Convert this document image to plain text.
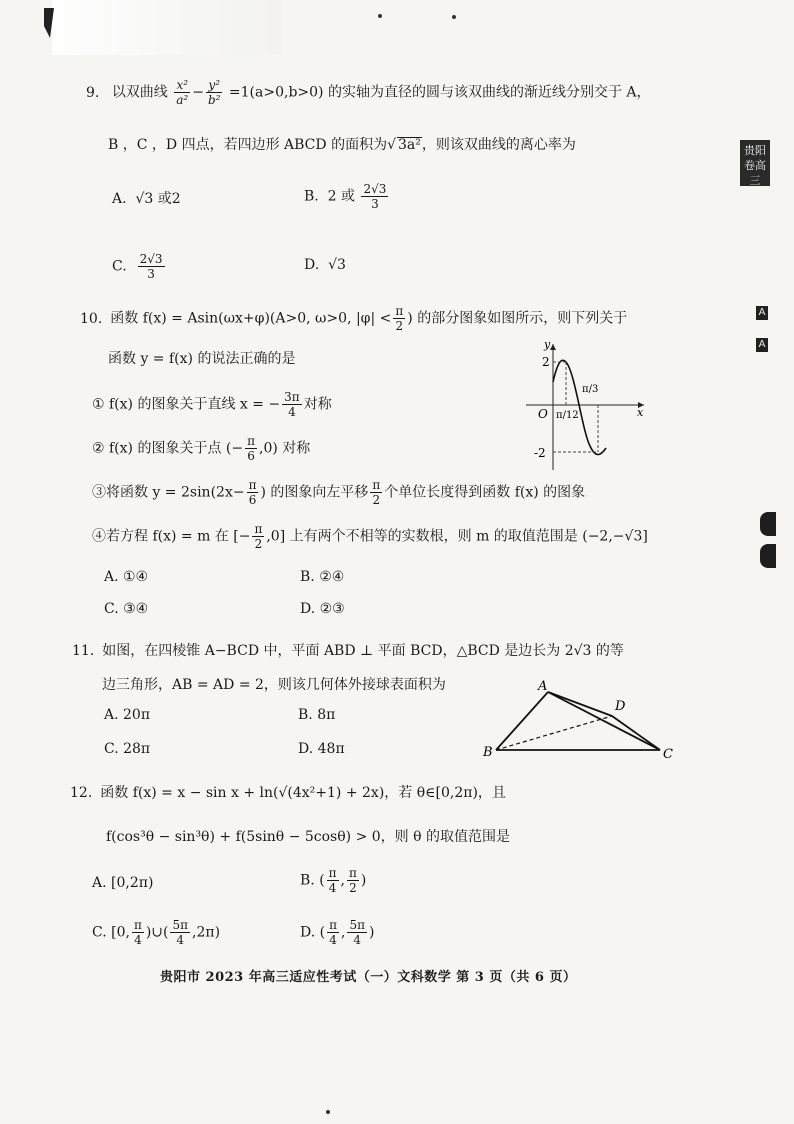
贵阳卷高三
A
A
9. 以双曲线 $\frac{\text{x²}}{\text{a²}} - \frac{\text{y²}}{\text{b²}} =1(a>0,b>0)$ 的实轴为直径的圆与该双曲线的渐近线分别交于 A，
B ，C ，D 四点，若四边形 ABCD 的面积为√ 3a²，则该双曲线的离心率为
A. √3 或2	B. 2 或 $\frac{2√3}{3}$
C. $\frac{2√3}{3}$	D. √3
10. 函数 f(x) = Asin(ωx+φ)(A>0, ω>0, $|\varphi| < \frac{\pi}{2}$ ) 的部分图象如图所示，则下列关于
函数 y = f(x) 的说法正确的是
① f(x) 的图象关于直线 x = − $\frac{3\pi}{4}$ 对称
② f(x) 的图象关于点 (− $\frac{\pi}{6} ,0$) 对称
③将函数 $y = 2\sin(2x- \frac{\pi}{6}$ ) 的图象向左平移 $\frac{\pi}{2}$ 个单位长度得到函数 f(x) 的图象
④若方程 f(x) = m 在 [− $\frac{\pi}{2} ,0$] 上有两个不相等的实数根，则 m 的取值范围是 (−2,−√3]
A. ①④	B. ②④
C. ③④	D. ②③
y
x
2
-2
O π/12
π/3
11. 如图，在四棱锥 A−BCD 中，平面 ABD ⊥ 平面 BCD，△BCD 是边长为 2√3 的等
边三角形，AB = AD = 2，则该几何体外接球表面积为
A. 20π	B. 8π
C. 28π	D. 48π
A
B	C
D
12. 函数 f(x) = x − sin x + ln(√(4x²+1) + 2x)，若 θ∈[0,2π)，且
f(cos³θ − sin³θ) + f(5sinθ − 5cosθ) > 0，则 θ 的取值范围是
A. [0,2π)	B. ( $\frac{\pi}{4}$ , $\frac{\pi}{2}$ )
C. [0, $\frac{\pi}{4}$ )∪( $\frac{5\pi}{4} ,2\pi$)	D. ( $\frac{\pi}{4}$ , $\frac{5\pi}{4}$ )
贵阳市 2023 年高三适应性考试（一）文科数学 第 3 页（共 6 页）
